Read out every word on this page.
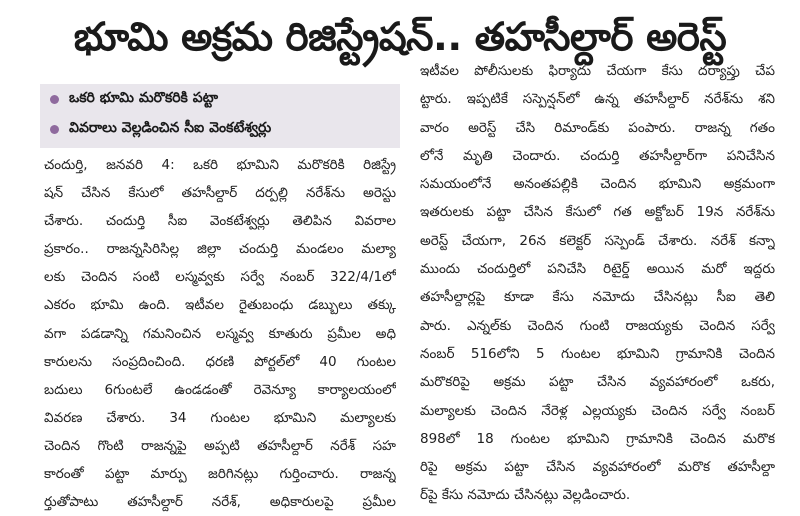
భూమి అక్రమ రిజిస్ట్రేషన్.. తహసీల్దార్ అరెస్ట్
ఒకరి భూమి మరొకరికి పట్టా
వివరాలు వెల్లడించిన సీఐ వెంకటేశ్వర్లు
చందుర్తి, జనవరి 4: ఒకరి భూమిని మరొకరికి రిజిస్ట్రే
షన్ చేసిన కేసులో తహసీల్దార్ దర్పల్లి నరేశ్‌ను అరెస్టు
చేశారు. చందుర్తి సీఐ వెంకటేశ్వర్లు తెలిపిన వివరాల
ప్రకారం.. రాజన్నసిరిసిల్ల జిల్లా చందుర్తి మండలం మల్యా
లకు చెందిన సంటి లస్మవ్వకు సర్వే నంబర్ 322/4/1లో
ఎకరం భూమి ఉంది. ఇటీవల రైతుబంధు డబ్బులు తక్కు
వగా పడడాన్ని గమనించిన లస్మవ్వ కూతురు ప్రమీల అధి
కారులను సంప్రదించింది. ధరణి పోర్టల్‌లో 40 గుంటల
బదులు 6గుంటలే ఉండడంతో రెవెన్యూ కార్యాలయంలో
వివరణ చేశారు. 34 గుంటల భూమిని మల్యాలకు
చెందిన గొంటి రాజన్నపై అప్పటి తహసీల్దార్ నరేశ్ సహ
కారంతో పట్టా మార్పు జరిగినట్లు గుర్తించారు. రాజన్న
ర్తుతోపాటు తహసీల్దార్ నరేశ్, అధికారులపై ప్రమీల
ఇటీవల పోలీసులకు ఫిర్యాదు చేయగా కేసు దర్యాప్తు చేప
ట్టారు. ఇప్పటికే సస్పెన్షన్‌లో ఉన్న తహసీల్దార్ నరేశ్‌ను శని
వారం అరెస్ట్ చేసి రిమాండ్‌కు పంపారు. రాజన్న గతం
లోనే మృతి చెందారు. చందుర్తి తహసీల్దార్‌గా పనిచేసిన
సమయంలోనే అనంతపల్లికి చెందిన భూమిని అక్రమంగా
ఇతరులకు పట్టా చేసిన కేసులో గత అక్టోబర్ 19న నరేశ్‌ను
అరెస్ట్ చేయగా, 26న కలెక్టర్ సస్పెండ్ చేశారు. నరేశ్ కన్నా
ముందు చందుర్తిలో పనిచేసి రిటైర్డ్ అయిన మరో ఇద్దరు
తహసీల్దార్లపై కూడా కేసు నమోదు చేసినట్లు సీఐ తెలి
పారు. ఎన్నల్‌కు చెందిన గుంటి రాజయ్యకు చెందిన సర్వే
నంబర్ 516లోని 5 గుంటల భూమిని గ్రామానికి చెందిన
మరొకరిపై అక్రమ పట్టా చేసిన వ్యవహారంలో ఒకరు,
మల్యాలకు చెందిన నేరెళ్ల ఎల్లయ్యకు చెందిన సర్వే నంబర్
898లో 18 గుంటల భూమిని గ్రామానికి చెందిన మరొక
రిపై అక్రమ పట్టా చేసిన వ్యవహారంలో మరొక తహసీల్దా
ర్‌పై కేసు నమోదు చేసినట్లు వెల్లడించారు.
